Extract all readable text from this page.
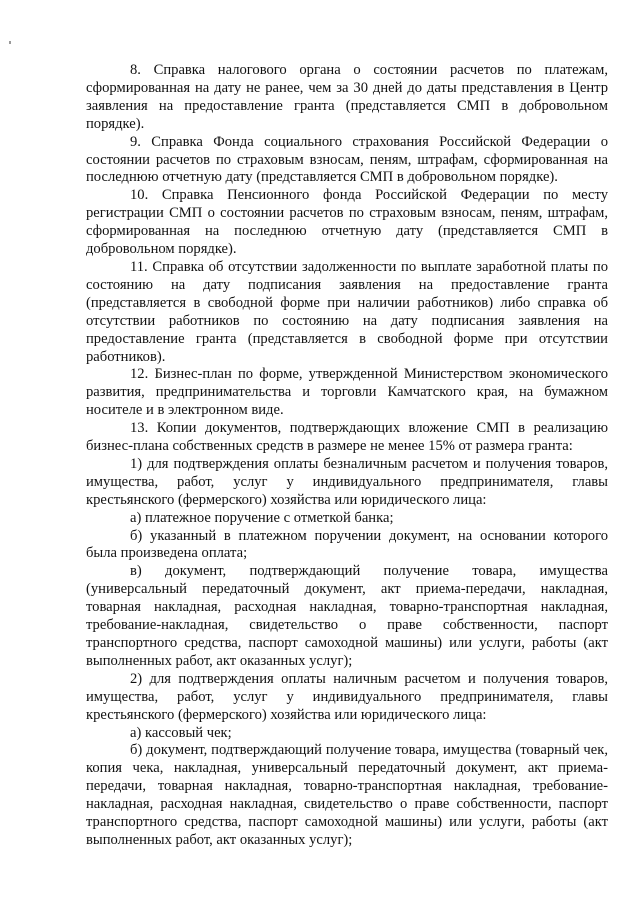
8. Справка налогового органа о состоянии расчетов по платежам, сформированная на дату не ранее, чем за 30 дней до даты представления в Центр заявления на предоставление гранта (представляется СМП в добровольном порядке).

9. Справка Фонда социального страхования Российской Федерации о состоянии расчетов по страховым взносам, пеням, штрафам, сформированная на последнюю отчетную дату (представляется СМП в добровольном порядке).

10. Справка Пенсионного фонда Российской Федерации по месту регистрации СМП о состоянии расчетов по страховым взносам, пеням, штрафам, сформированная на последнюю отчетную дату (представляется СМП в добровольном порядке).

11. Справка об отсутствии задолженности по выплате заработной платы по состоянию на дату подписания заявления на предоставление гранта (представляется в свободной форме при наличии работников) либо справка об отсутствии работников по состоянию на дату подписания заявления на предоставление гранта (представляется в свободной форме при отсутствии работников).

12. Бизнес-план по форме, утвержденной Министерством экономического развития, предпринимательства и торговли Камчатского края, на бумажном носителе и в электронном виде.

13. Копии документов, подтверждающих вложение СМП в реализацию бизнес-плана собственных средств в размере не менее 15% от размера гранта:

1) для подтверждения оплаты безналичным расчетом и получения товаров, имущества, работ, услуг у индивидуального предпринимателя, главы крестьянского (фермерского) хозяйства или юридического лица:

а) платежное поручение с отметкой банка;

б) указанный в платежном поручении документ, на основании которого была произведена оплата;

в) документ, подтверждающий получение товара, имущества (универсальный передаточный документ, акт приема-передачи, накладная, товарная накладная, расходная накладная, товарно-транспортная накладная, требование-накладная, свидетельство о праве собственности, паспорт транспортного средства, паспорт самоходной машины) или услуги, работы (акт выполненных работ, акт оказанных услуг);

2) для подтверждения оплаты наличным расчетом и получения товаров, имущества, работ, услуг у индивидуального предпринимателя, главы крестьянского (фермерского) хозяйства или юридического лица:

а) кассовый чек;

б) документ, подтверждающий получение товара, имущества (товарный чек, копия чека, накладная, универсальный передаточный документ, акт приема-передачи, товарная накладная, товарно-транспортная накладная, требование-накладная, расходная накладная, свидетельство о праве собственности, паспорт транспортного средства, паспорт самоходной машины) или услуги, работы (акт выполненных работ, акт оказанных услуг);
